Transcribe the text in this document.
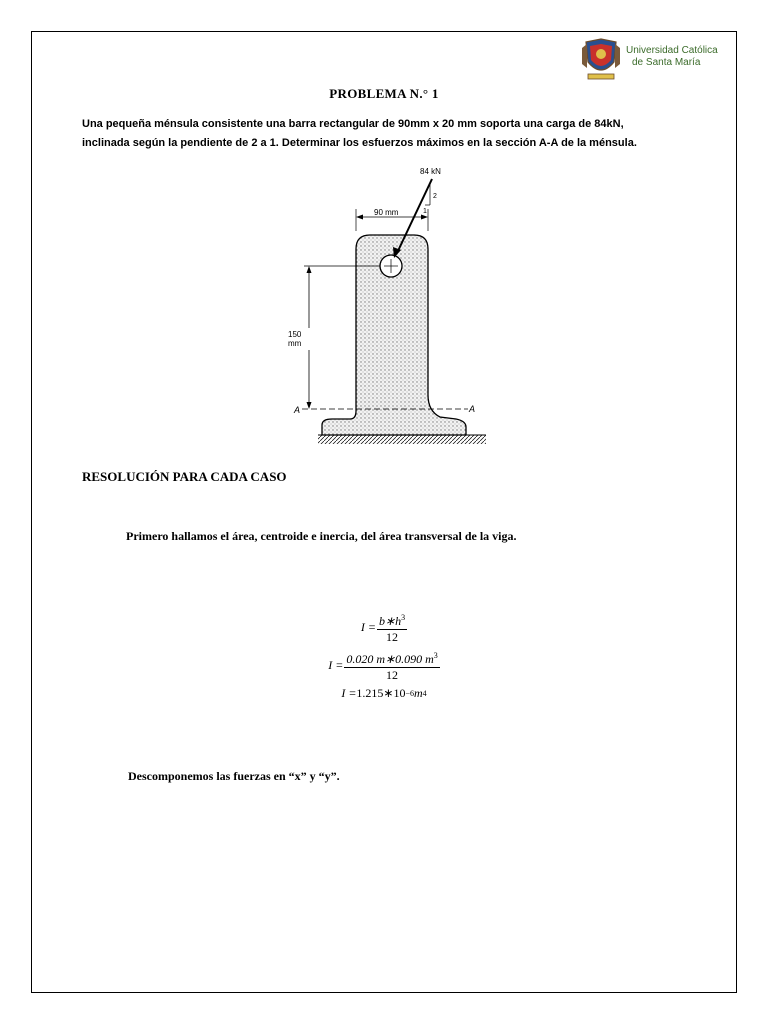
Universidad Católica
de Santa María
PROBLEMA N.° 1
Una pequeña ménsula consistente una barra rectangular de 90mm x 20 mm soporta una carga de 84kN,
inclinada según la pendiente de 2 a 1. Determinar los esfuerzos máximos en la sección A-A de la ménsula.
150
mm
90 mm
84 kN
2
1
A	A
RESOLUCIÓN PARA CADA CASO
Primero hallamos el área, centroide e inercia, del área transversal de la viga.
$I = \frac{b∗h^3}{12}$
$I = \frac{0.020 m∗0.090 m^3}{12}$
I = 1.215∗10 −6 m 4
Descomponemos las fuerzas en “x” y “y”.
